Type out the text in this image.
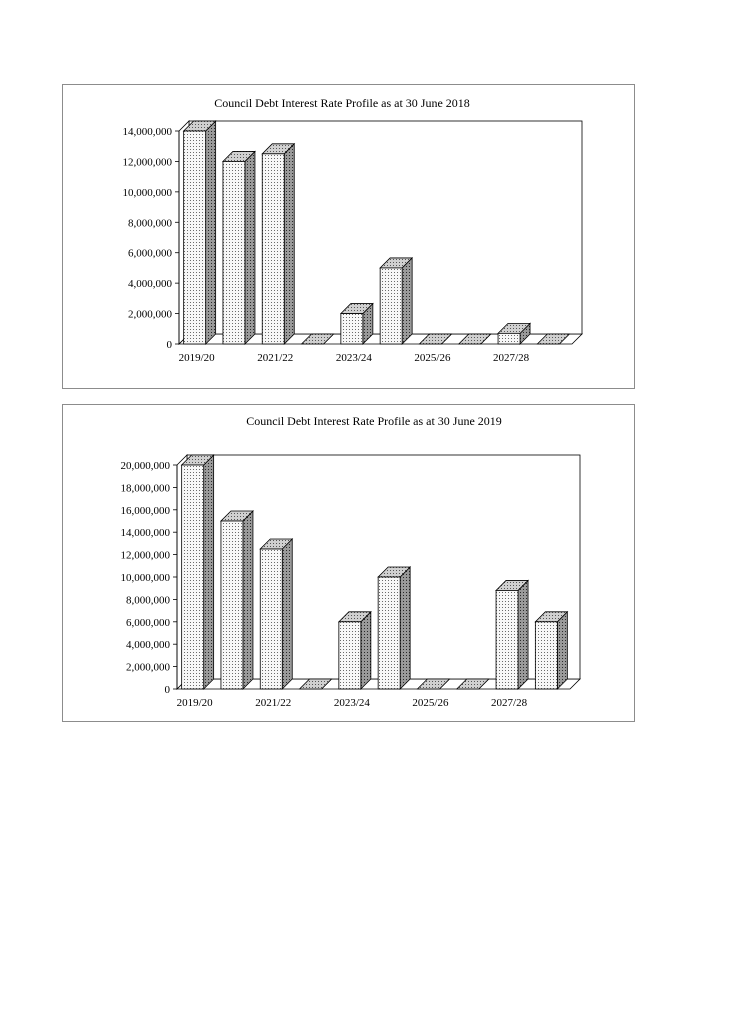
Council Debt Interest Rate Profile as at 30 June 2018
0
2,000,000
4,000,000
6,000,000
8,000,000
10,000,000
12,000,000
14,000,000
2019/20	2021/22	2023/24	2025/26	2027/28
Council Debt Interest Rate Profile as at 30 June 2019
0
2,000,000
4,000,000
6,000,000
8,000,000
10,000,000
12,000,000
14,000,000
16,000,000
18,000,000
20,000,000
2019/20	2021/22	2023/24	2025/26	2027/28
